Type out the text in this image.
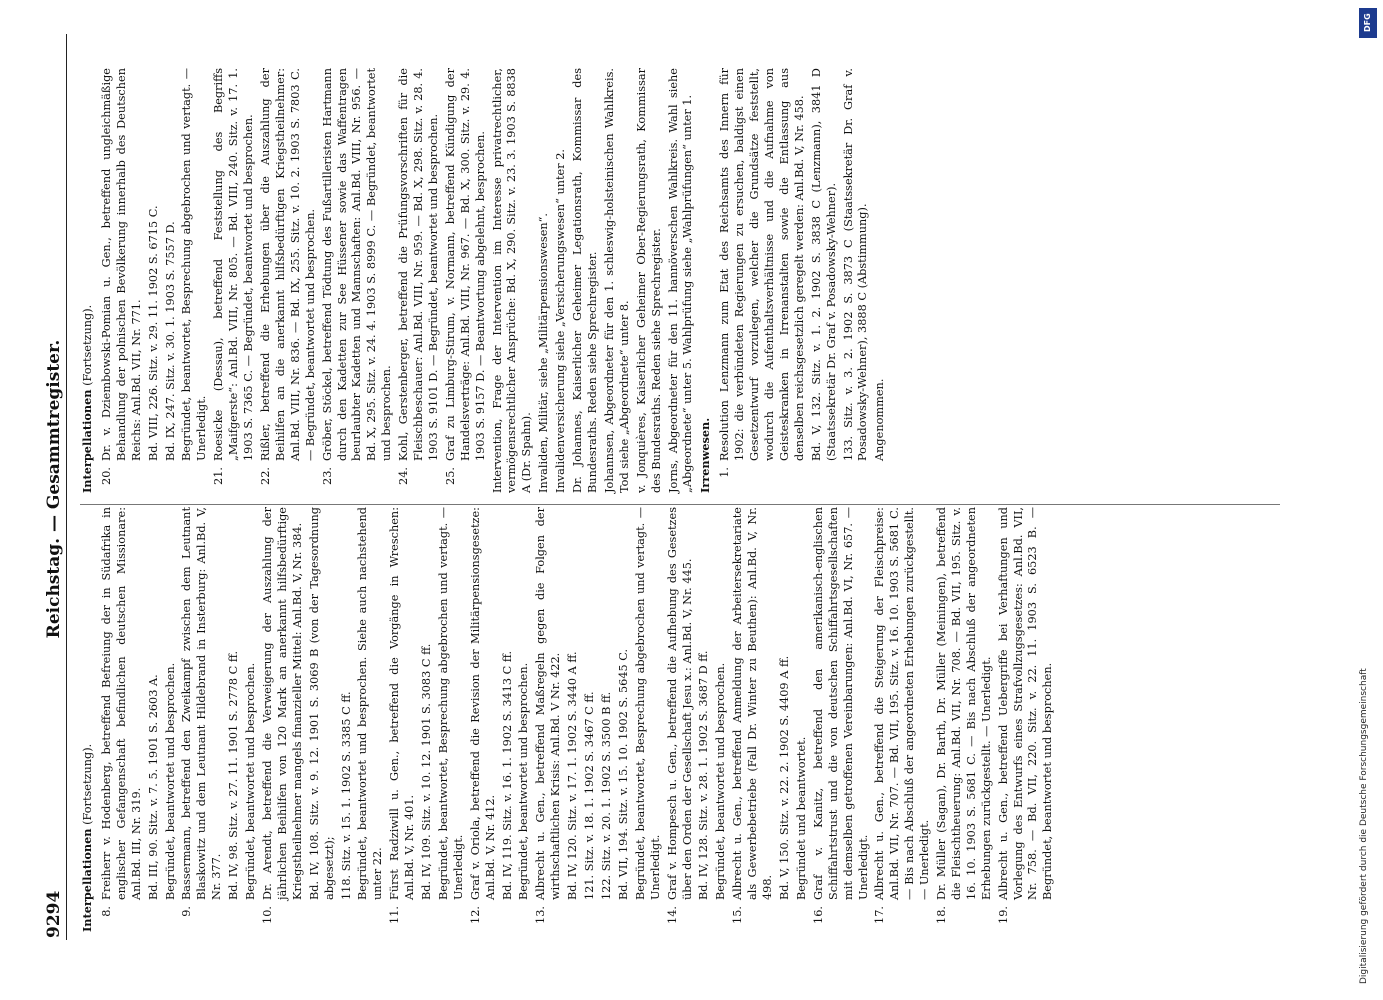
9294
Reichstag. — Gesammtregister.
Interpellationen (Fortsetzung).
8.
Freiherr v. Hodenberg, betreffend Befreiung der in Südafrika in englischer Gefangenschaft befindlichen deutschen Missionare: Anl.Bd. III, Nr. 319. Bd. III, 90. Sitz. v. 7. 5. 1901 S. 2603 A. Begründet, beantwortet und besprochen.
9.
Bassermann, betreffend den Zweikampf zwischen dem Leutnant Blaskowitz und dem Leutnant Hildebrand in Insterburg: Anl.Bd. V, Nr. 377. Bd. IV, 98. Sitz. v. 27. 11. 1901 S. 2778 C ff. Begründet, beantwortet und besprochen.
10.
Dr. Arendt, betreffend die Verweigerung der Auszahlung der jährlichen Beihilfen von 120 Mark an anerkannt hilfsbedürftige Kriegstheilnehmer mangels finanzieller Mittel: Anl.Bd. V, Nr. 384. Bd. IV, 108. Sitz. v. 9. 12. 1901 S. 3069 B (von der Tagesordnung abgesetzt); 118. Sitz. v. 15. 1. 1902 S. 3385 C ff. Begründet, beantwortet und besprochen. Siehe auch nachstehend unter 22.
11.
Fürst Radziwill u. Gen., betreffend die Vorgänge in Wreschen: Anl.Bd. V, Nr. 401. Bd. IV, 109. Sitz. v. 10. 12. 1901 S. 3083 C ff. Begründet, beantwortet, Besprechung abgebrochen und vertagt. — Unerledigt.
12.
Graf v. Oriola, betreffend die Revision der Militärpensionsgesetze: Anl.Bd. V, Nr. 412. Bd. IV, 119. Sitz. v. 16. 1. 1902 S. 3413 C ff. Begründet, beantwortet und besprochen.
13.
Albrecht u. Gen., betreffend Maßregeln gegen die Folgen der wirthschaftlichen Krisis: Anl.Bd. V Nr. 422. Bd. IV, 120. Sitz. v. 17. 1. 1902 S. 3440 A ff. 121. Sitz. v. 18. 1. 1902 S. 3467 C ff. 122. Sitz. v. 20. 1. 1902 S. 3500 B ff. Bd. VII, 194. Sitz. v. 15. 10. 1902 S. 5645 C. Begründet, beantwortet, Besprechung abgebrochen und vertagt. — Unerledigt.
14.
Graf v. Hompesch u. Gen., betreffend die Aufhebung des Gesetzes über den Orden der Gesellschaft Jesu x.: Anl.Bd. V, Nr. 445. Bd. IV, 128. Sitz. v. 28. 1. 1902 S. 3687 D ff. Begründet, beantwortet und besprochen.
15.
Albrecht u. Gen., betreffend Anmeldung der Arbeitersekretariate als Gewerbebetriebe (Fall Dr. Winter zu Beuthen): Anl.Bd. V, Nr. 498. Bd. V, 150. Sitz. v. 22. 2. 1902 S. 4409 A ff. Begründet und beantwortet.
16.
Graf v. Kanitz, betreffend den amerikanisch-englischen Schiffahrtstrust und die von deutschen Schiffahrtsgesellschaften mit demselben getroffenen Vereinbarungen: Anl.Bd. VI, Nr. 657. — Unerledigt.
17.
Albrecht u. Gen., betreffend die Steigerung der Fleischpreise: Anl.Bd. VII, Nr. 707. — Bd. VII, 195. Sitz. v. 16. 10. 1903 S. 5681 C. — Bis nach Abschluß der angeordneten Erhebungen zurückgestellt. — Unerledigt.
18.
Dr. Müller (Sagan), Dr. Barth, Dr. Müller (Meiningen), betreffend die Fleischtheuerung: Anl.Bd. VII, Nr. 708. — Bd. VII, 195. Sitz. v. 16. 10. 1903 S. 5681 C. — Bis nach Abschluß der angeordneten Erhebungen zurückgestellt. — Unerledigt.
19.
Albrecht u. Gen., betreffend Uebergriffe bei Verhaftungen und Vorlegung des Entwurfs eines Strafvollzugsgesetzes: Anl.Bd. VII, Nr. 758. — Bd. VII, 220. Sitz. v. 22. 11. 1903 S. 6523 B. — Begründet, beantwortet und besprochen.
Interpellationen (Fortsetzung).
20.
Dr. v. Dziembowski-Pomian u. Gen., betreffend ungleichmäßige Behandlung der polnischen Bevölkerung innerhalb des Deutschen Reichs: Anl.Bd. VII, Nr. 771. Bd. VIII, 226. Sitz. v. 29. 11. 1902 S. 6715 C. Bd. IX, 247. Sitz. v. 30. 1. 1903 S. 7557 D. Begründet, beantwortet, Besprechung abgebrochen und vertagt. — Unerledigt.
21.
Roesicke (Dessau), betreffend Feststellung des Begriffs „Maifgerste“: Anl.Bd. VIII, Nr. 805. — Bd. VIII, 240. Sitz. v. 17. 1. 1903 S. 7365 C. — Begründet, beantwortet und besprochen.
22.
Rißler, betreffend die Erhebungen über die Auszahlung der Beihilfen an die anerkannt hilfsbedürftigen Kriegstheilnehmer: Anl.Bd. VIII, Nr. 836. — Bd. IX, 255. Sitz. v. 10. 2. 1903 S. 7803 C. — Begründet, beantwortet und besprochen.
23.
Gröber, Stöckel, betreffend Tödtung des Fußartilleristen Hartmann durch den Kadetten zur See Hüssener sowie das Waffentragen beurlaubter Kadetten und Mannschaften: Anl.Bd. VIII, Nr. 956. — Bd. X, 295. Sitz. v. 24. 4. 1903 S. 8999 C. — Begründet, beantwortet und besprochen.
24.
Kohl, Gerstenberger, betreffend die Prüfungsvorschriften für die Fleischbeschauer: Anl.Bd. VIII, Nr. 959. — Bd. X, 298. Sitz. v. 28. 4. 1903 S. 9101 D. — Begründet, beantwortet und besprochen.
25.
Graf zu Limburg-Stirum, v. Normann, betreffend Kündigung der Handelsverträge: Anl.Bd. VIII, Nr. 967. — Bd. X, 300. Sitz. v. 29. 4. 1903 S. 9157 D. — Beantwortung abgelehnt, besprochen. Intervention, Frage der Intervention im Interesse privatrechtlicher, vermögensrechtlicher Ansprüche: Bd. X, 290. Sitz. v. 23. 3. 1903 S. 8838 A (Dr. Spahn). Invaliden, Militär, siehe „Militärpensionswesen“. Invalidenversicherung siehe „Versicherungswesen“ unter 2. Dr. Johannes, Kaiserlicher Geheimer Legationsrath, Kommissar des Bundesraths. Reden siehe Sprechregister. Johannsen, Abgeordneter für den 1. schleswig-holsteinischen Wahlkreis. Tod siehe „Abgeordnete“ unter 8. v. Jonquières, Kaiserlicher Geheimer Ober-Regierungsrath, Kommissar des Bundesraths. Reden siehe Sprechregister. Jorns, Abgeordneter für den 11. hannöverschen Wahlkreis. Wahl siehe „Abgeordnete“ unter 5. Wahlprüfung siehe „Wahlprüfungen“ unter 1. Irrenwesen. 1.
Resolution Lenzmann zum Etat des Reichsamts des Innern für 1902: die verbündeten Regierungen zu ersuchen, baldigst einen Gesetzentwurf vorzulegen, welcher die Grundsätze feststellt, wodurch die Aufenthaltsverhältnisse und die Aufnahme von Geisteskranken in Irrenanstalten sowie die Entlassung aus denselben reichsgesetzlich geregelt werden: Anl.Bd. V, Nr. 458. Bd. V, 132. Sitz. v. 1. 2. 1902 S. 3838 C (Lenzmann), 3841 D (Staatssekretär Dr. Graf v. Posadowsky-Wehner). 133. Sitz. v. 3. 2. 1902 S. 3873 C (Staatssekretär Dr. Graf v. Posadowsky-Wehner), 3888 C (Abstimmung). Angenommen.
DFG
Digitalisierung gefördert durch die Deutsche Forschungsgemeinschaft
